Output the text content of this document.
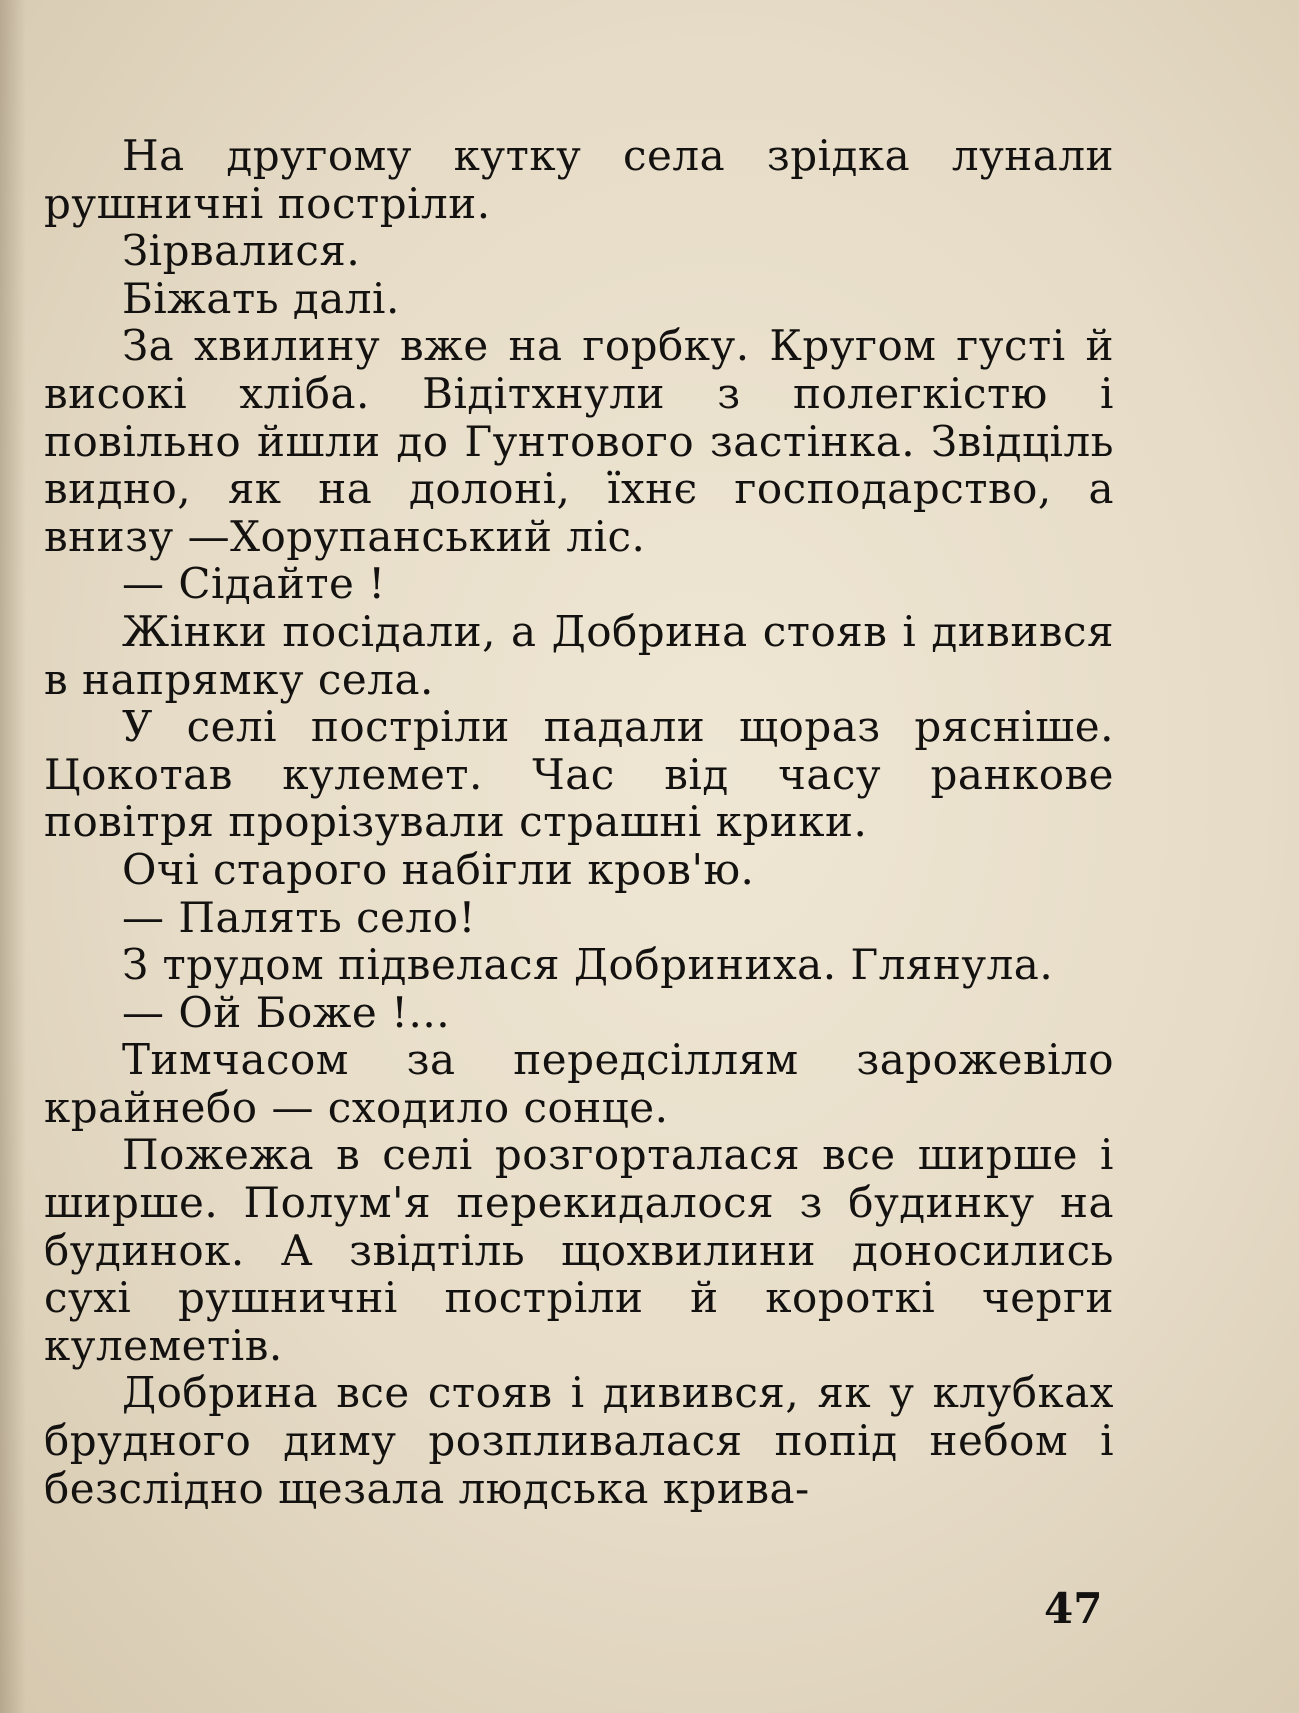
На другому кутку села зрідка лунали рушничні постріли.

Зірвалися.

Біжать далі.

За хвилину вже на горбку. Кругом густі й високі хліба. Відітхнули з полегкістю і повільно йшли до Гунтового застінка. Звідціль видно, як на долоні, їхнє господарство, а внизу —Хорупанський ліс.

— Сідайте !

Жінки посідали, а Добрина стояв і дивився в напрямку села.

У селі постріли падали щораз рясніше. Цокотав кулемет. Час від часу ранкове повітря прорізували страшні крики.

Очі старого набігли кров'ю.

— Палять село!

З трудом підвелася Добриниха. Глянула.

— Ой Боже !...

Тимчасом за передсіллям зарожевіло крайнебо — сходило сонце.

Пожежа в селі розгорталася все ширше і ширше. Полум'я перекидалося з будинку на будинок. А звідтіль щохвилини доносились сухі рушничні постріли й короткі черги кулеметів.

Добрина все стояв і дивився, як у клубках брудного диму розпливалася попід небом і безслідно щезала людська крива-

47
